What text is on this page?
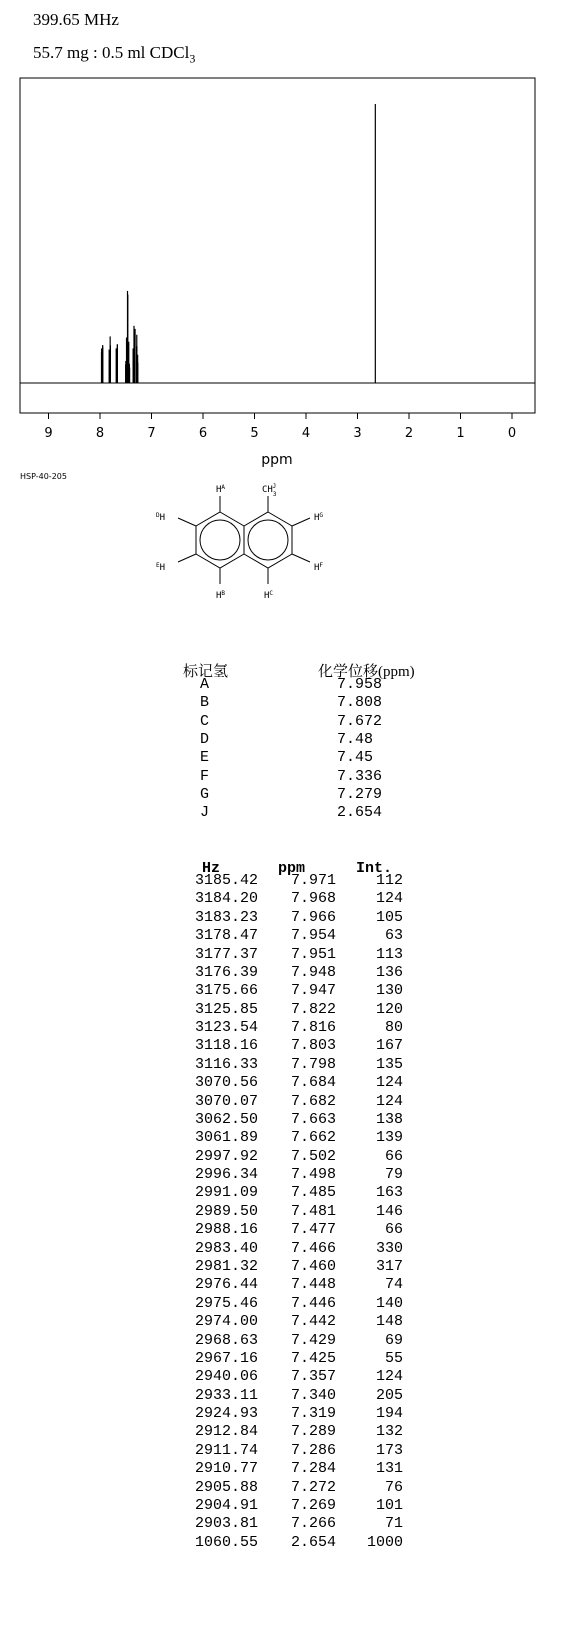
399.65 MHz
55.7 mg : 0.5 ml CDCl$_3$
9	8	7	6	5	4	3	2	1	0
ppm
HSP-40-205
$H^A$	$CH_3J$
$^D$H	$H^G$
$^E$H	$H^F$
$H^B$	$H^C$
标记氢	化学位移(ppm)
A	7.958
B	7.808
C	7.672
D	7.48
E	7.45
F	7.336
G	7.279
J	2.654
Hz	ppm	Int.
3185.42	7.971	112
3184.20	7.968	124
3183.23	7.966	105
3178.47	7.954	63
3177.37	7.951	113
3176.39	7.948	136
3175.66	7.947	130
3125.85	7.822	120
3123.54	7.816	80
3118.16	7.803	167
3116.33	7.798	135
3070.56	7.684	124
3070.07	7.682	124
3062.50	7.663	138
3061.89	7.662	139
2997.92	7.502	66
2996.34	7.498	79
2991.09	7.485	163
2989.50	7.481	146
2988.16	7.477	66
2983.40	7.466	330
2981.32	7.460	317
2976.44	7.448	74
2975.46	7.446	140
2974.00	7.442	148
2968.63	7.429	69
2967.16	7.425	55
2940.06	7.357	124
2933.11	7.340	205
2924.93	7.319	194
2912.84	7.289	132
2911.74	7.286	173
2910.77	7.284	131
2905.88	7.272	76
2904.91	7.269	101
2903.81	7.266	71
1060.55	2.654	1000
